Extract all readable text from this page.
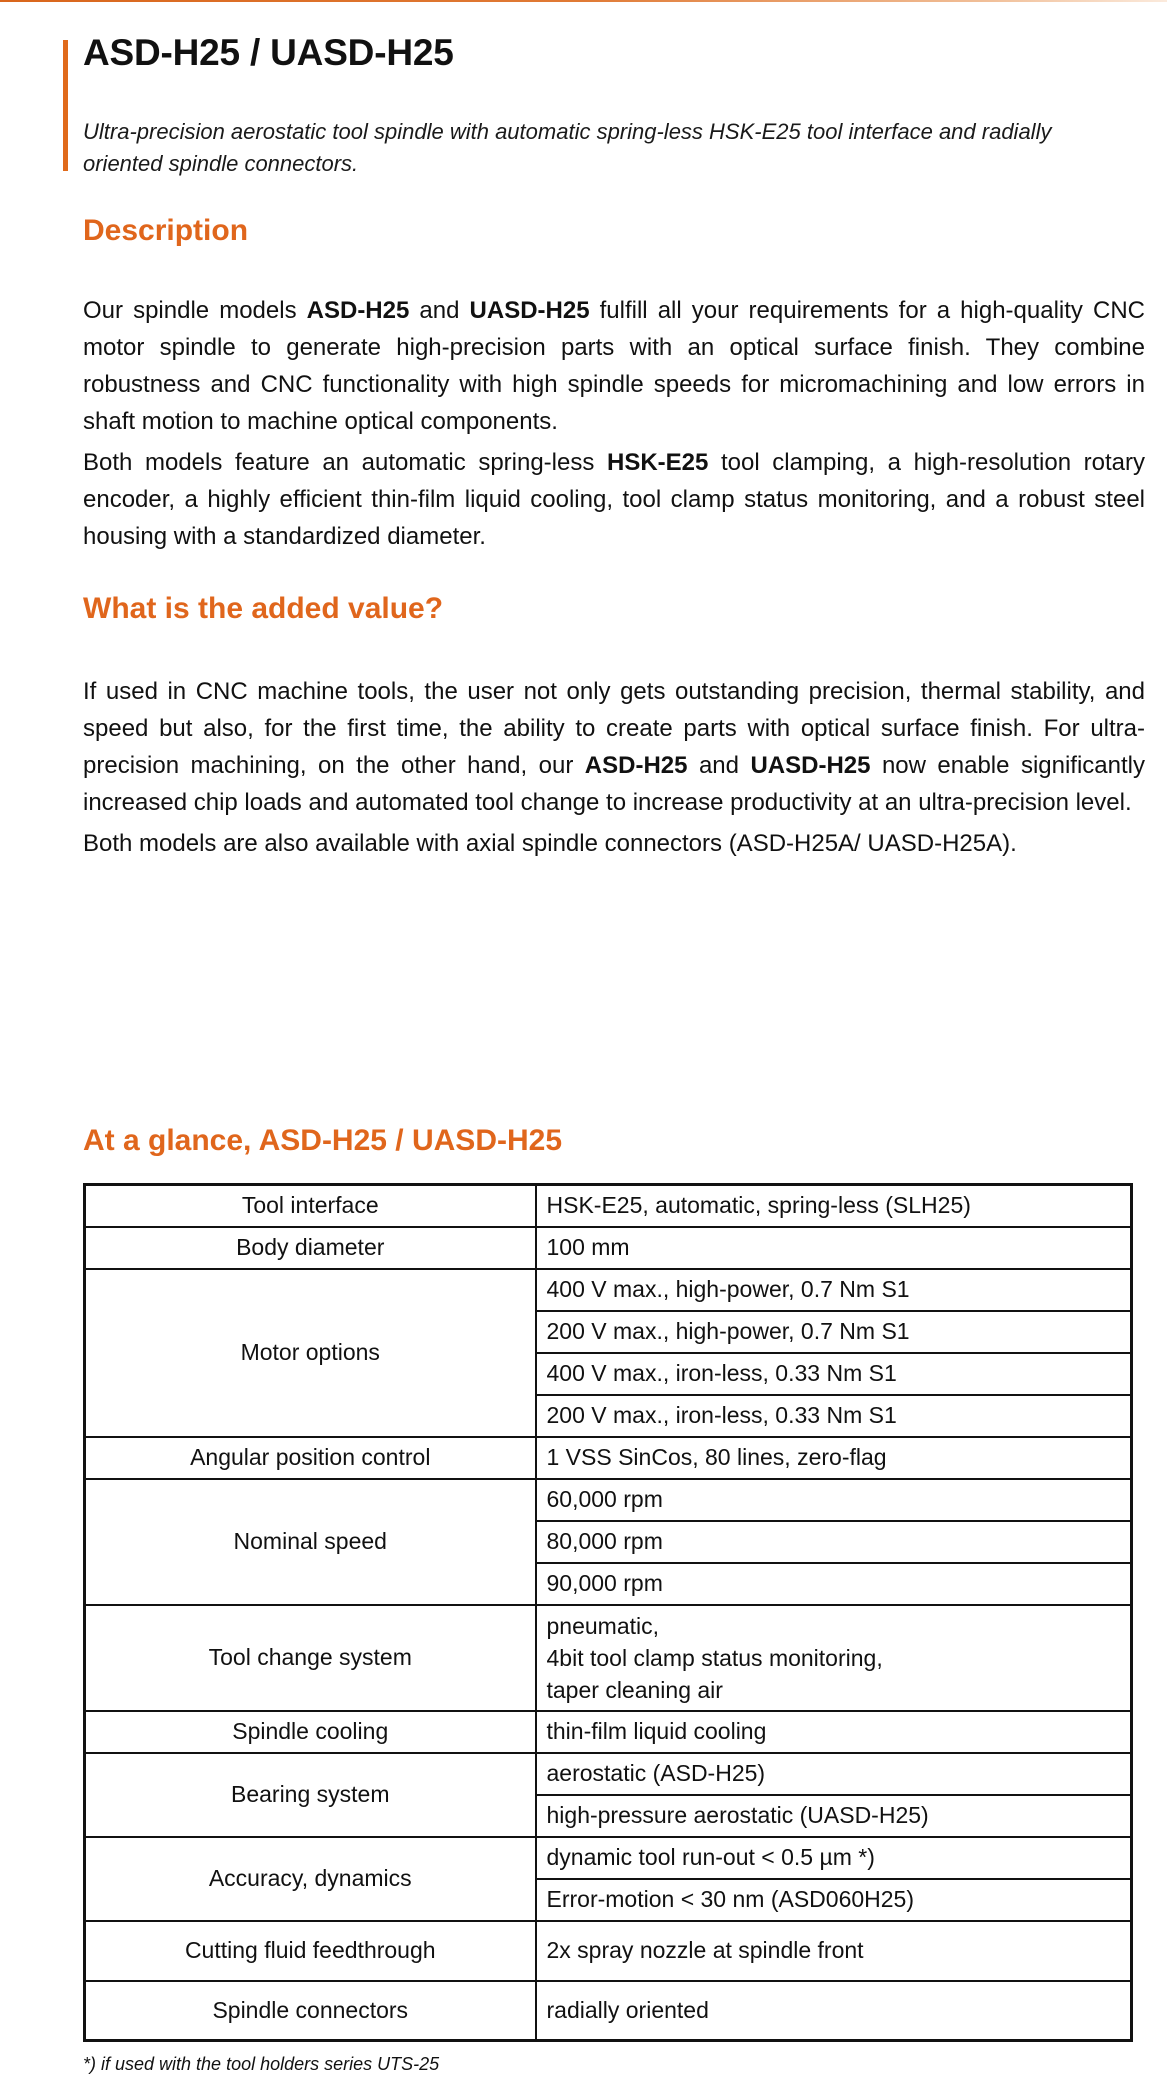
ASD-H25 / UASD-H25
Ultra-precision aerostatic tool spindle with automatic spring-less HSK-E25 tool interface and radially oriented spindle connectors.
Description

Our spindle models ASD-H25 and UASD-H25 fulfill all your requirements for a high-quality CNC motor spindle to generate high-precision parts with an optical surface finish. They combine robustness and CNC functionality with high spindle speeds for micromachining and low errors in shaft motion to machine optical components.

Both models feature an automatic spring-less HSK-E25 tool clamping, a high-resolution rotary encoder, a highly efficient thin-film liquid cooling, tool clamp status monitoring, and a robust steel housing with a standardized diameter.

What is the added value?

If used in CNC machine tools, the user not only gets outstanding precision, thermal stability, and speed but also, for the first time, the ability to create parts with optical surface finish. For ultra-precision machining, on the other hand, our ASD-H25 and UASD-H25 now enable significantly increased chip loads and automated tool change to increase productivity at an ultra-precision level.

Both models are also available with axial spindle connectors (ASD-H25A/ UASD-H25A).

At a glance, ASD-H25 / UASD-H25
Tool interface	HSK-E25, automatic, spring-less (SLH25)
Body diameter	100 mm
Motor options	400 V max., high-power, 0.7 Nm S1
	200 V max., high-power, 0.7 Nm S1
	400 V max., iron-less, 0.33 Nm S1
	200 V max., iron-less, 0.33 Nm S1
Angular position control	1 VSS SinCos, 80 lines, zero-flag
Nominal speed	60,000 rpm
	80,000 rpm
	90,000 rpm
Tool change system	pneumatic,
4bit tool clamp status monitoring,
taper cleaning air

Spindle cooling	thin-film liquid cooling
Bearing system	aerostatic (ASD-H25)
	high-pressure aerostatic (UASD-H25)
Accuracy, dynamics	dynamic tool run-out < 0.5 µm *)
	Error-motion < 30 nm (ASD060H25)
Cutting fluid feedthrough	2x spray nozzle at spindle front
Spindle connectors	radially oriented
*) if used with the tool holders series UTS-25
